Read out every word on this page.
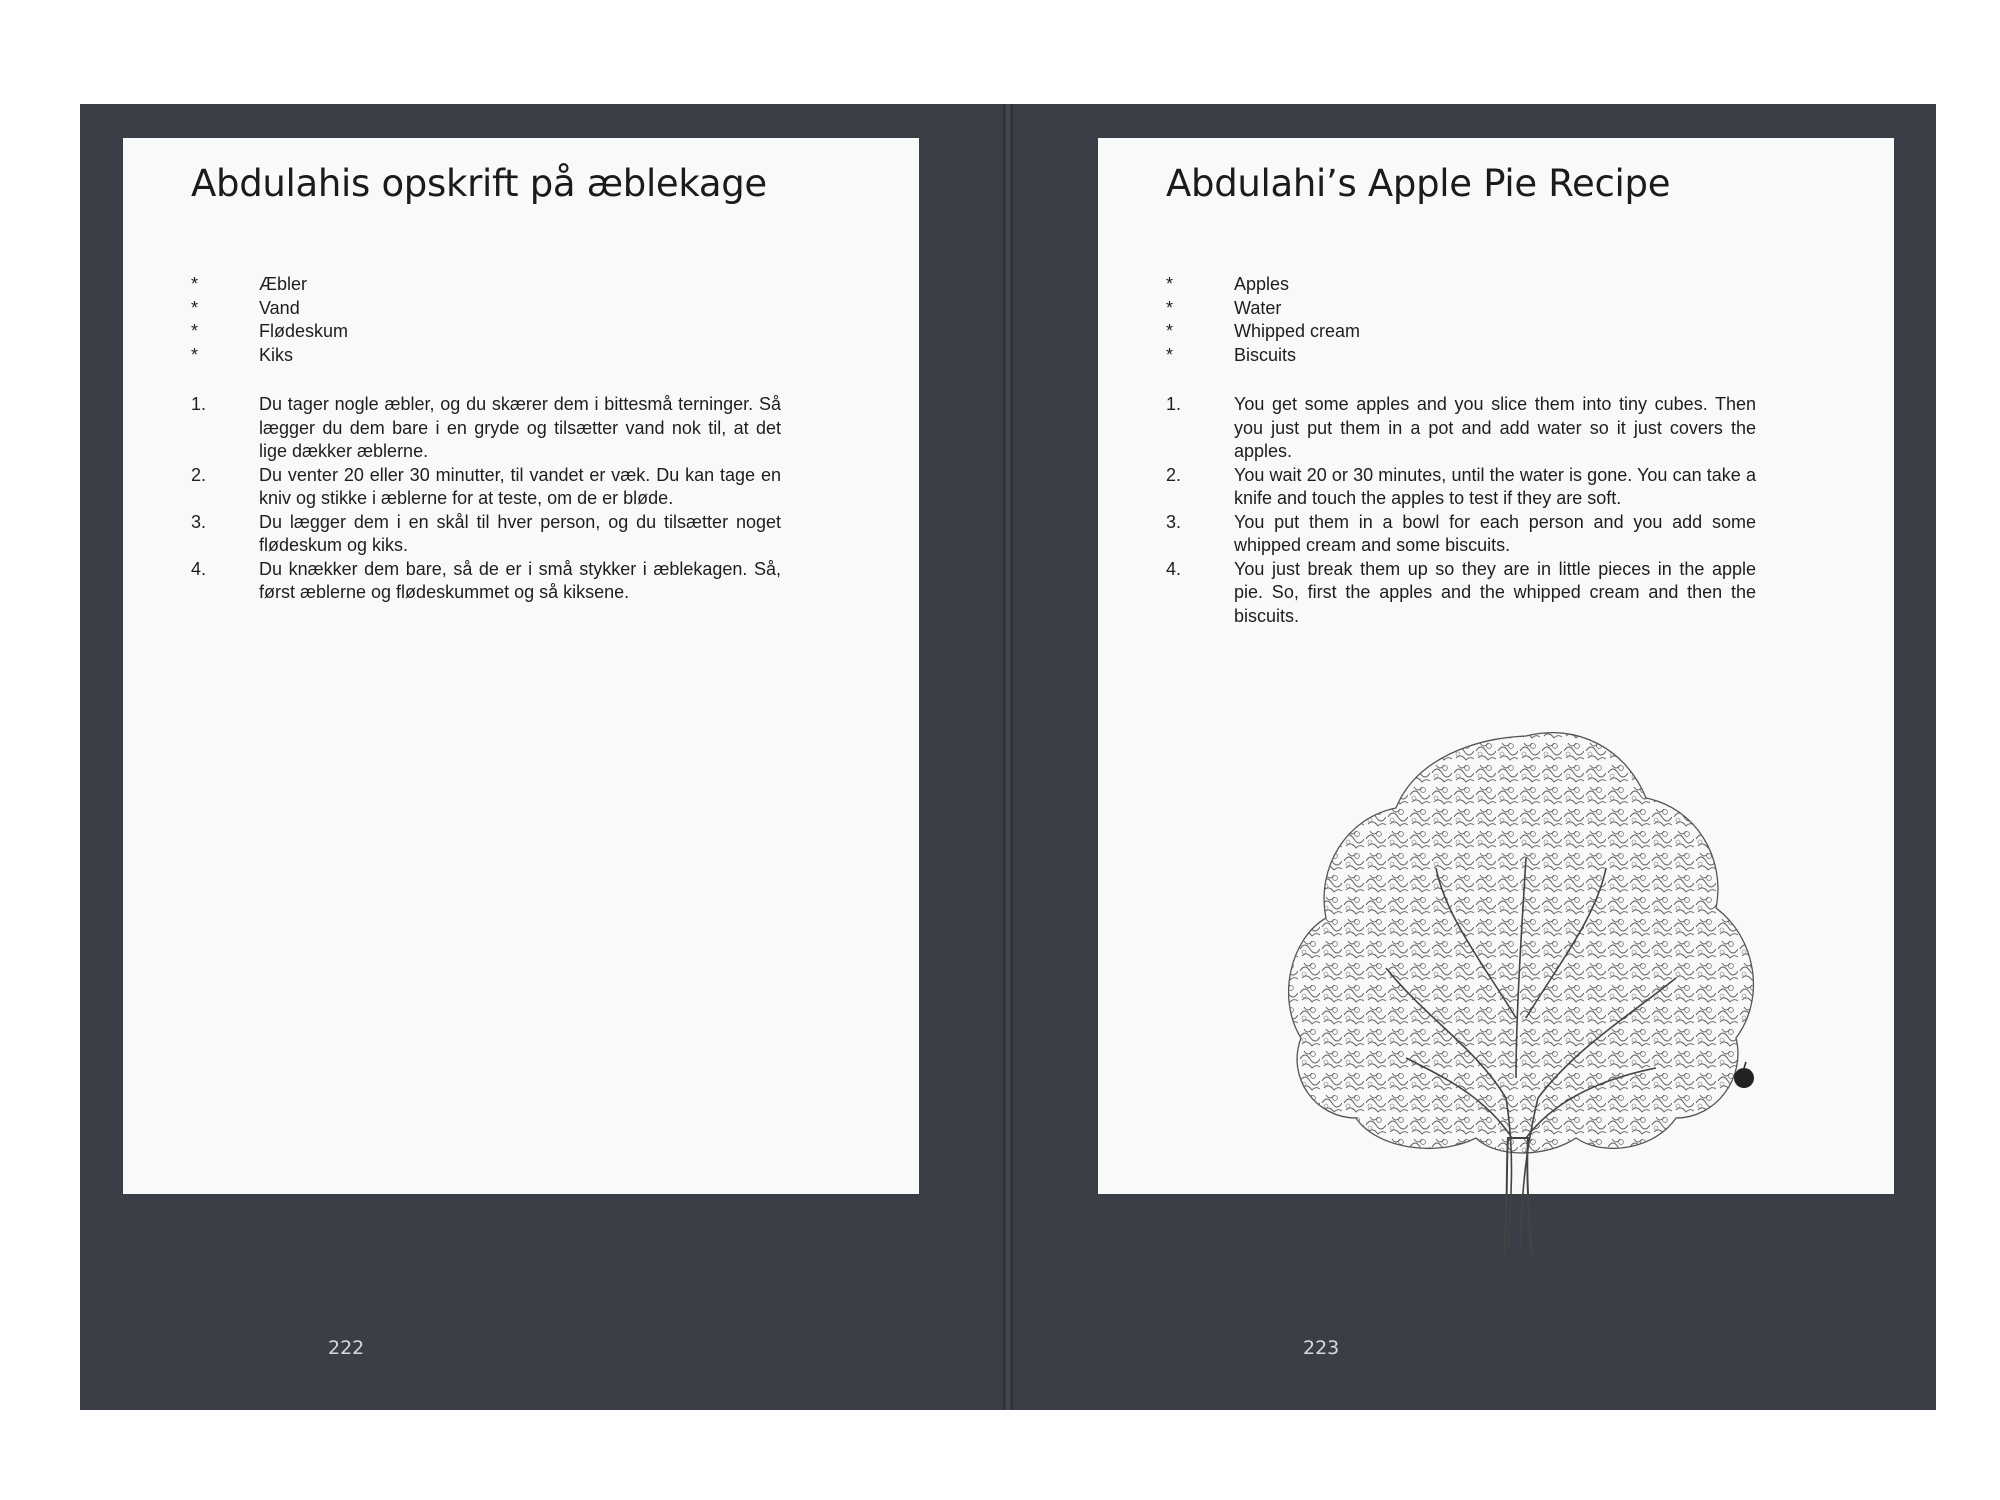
Abdulahis opskrift på æblekage
*	Æbler
*	Vand
*	Flødeskum
*	Kiks
1.	Du tager nogle æbler, og du skærer dem i bittesmå terninger. Så lægger du dem bare i en gryde og tilsætter vand nok til, at det lige dækker æblerne.
2.	Du venter 20 eller 30 minutter, til vandet er væk. Du kan tage en kniv og stikke i æblerne for at teste, om de er bløde.
3.	Du lægger dem i en skål til hver person, og du tilsætter noget flødeskum og kiks.
4.	Du knækker dem bare, så de er i små stykker i æblekagen. Så, først æblerne og flødeskummet og så kiksene.
Abdulahi’s Apple Pie Recipe
*	Apples
*	Water
*	Whipped cream
*	Biscuits
1.	You get some apples and you slice them into tiny cubes. Then you just put them in a pot and add water so it just covers the apples.
2.	You wait 20 or 30 minutes, until the water is gone. You can take a knife and touch the apples to test if they are soft.
3.	You put them in a bowl for each person and you add some whipped cream and some biscuits.
4.	You just break them up so they are in little pieces in the apple pie. So, first the apples and the whipped cream and then the biscuits.
222	223
